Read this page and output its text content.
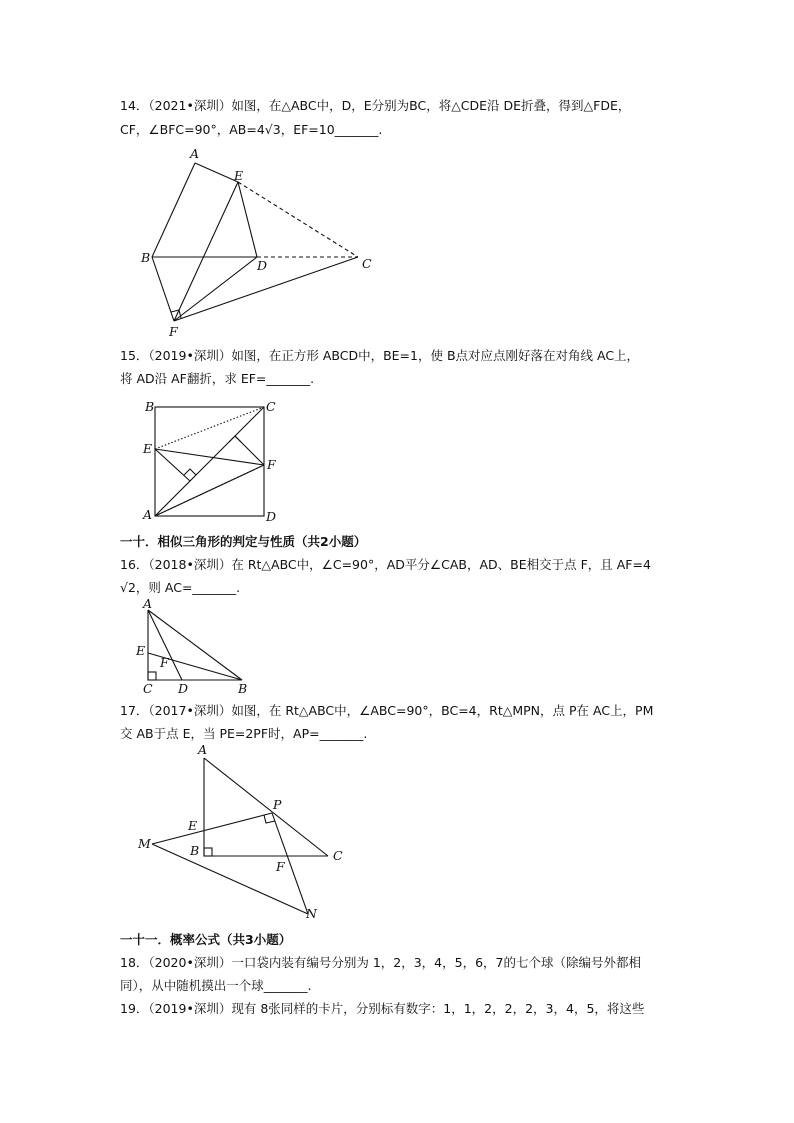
14．（2021•深圳）如图，在△ABC中，D，E分别为BC，将△CDE沿 DE折叠，得到△FDE，
CF，∠BFC=90°，AB=4√3，EF=10_______.
A
E
B
D	C
F
15．（2019•深圳）如图，在正方形 ABCD中，BE=1，使 B点对应点刚好落在对角线 AC上，
将 AD沿 AF翻折，求 EF=_______.
B	C
E
F
A	D
一十．相似三角形的判定与性质（共2小题）
16．（2018•深圳）在 Rt△ABC中，∠C=90°，AD平分∠CAB，AD、BE相交于点 F，且 AF=4
√2，则 AC=_______.
A
E
F
C D	B
17．（2017•深圳）如图，在 Rt△ABC中，∠ABC=90°，BC=4，Rt△MPN，点 P在 AC上，PM
交 AB于点 E，当 PE=2PF时，AP=_______.
A
P
E
M	B	C
F
N
一十一．概率公式（共3小题）
18．（2020•深圳）一口袋内装有编号分别为 1，2，3，4，5，6，7的七个球（除编号外都相
同），从中随机摸出一个球_______.
19．（2019•深圳）现有 8张同样的卡片，分别标有数字：1，1，2，2，2，3，4，5，将这些
